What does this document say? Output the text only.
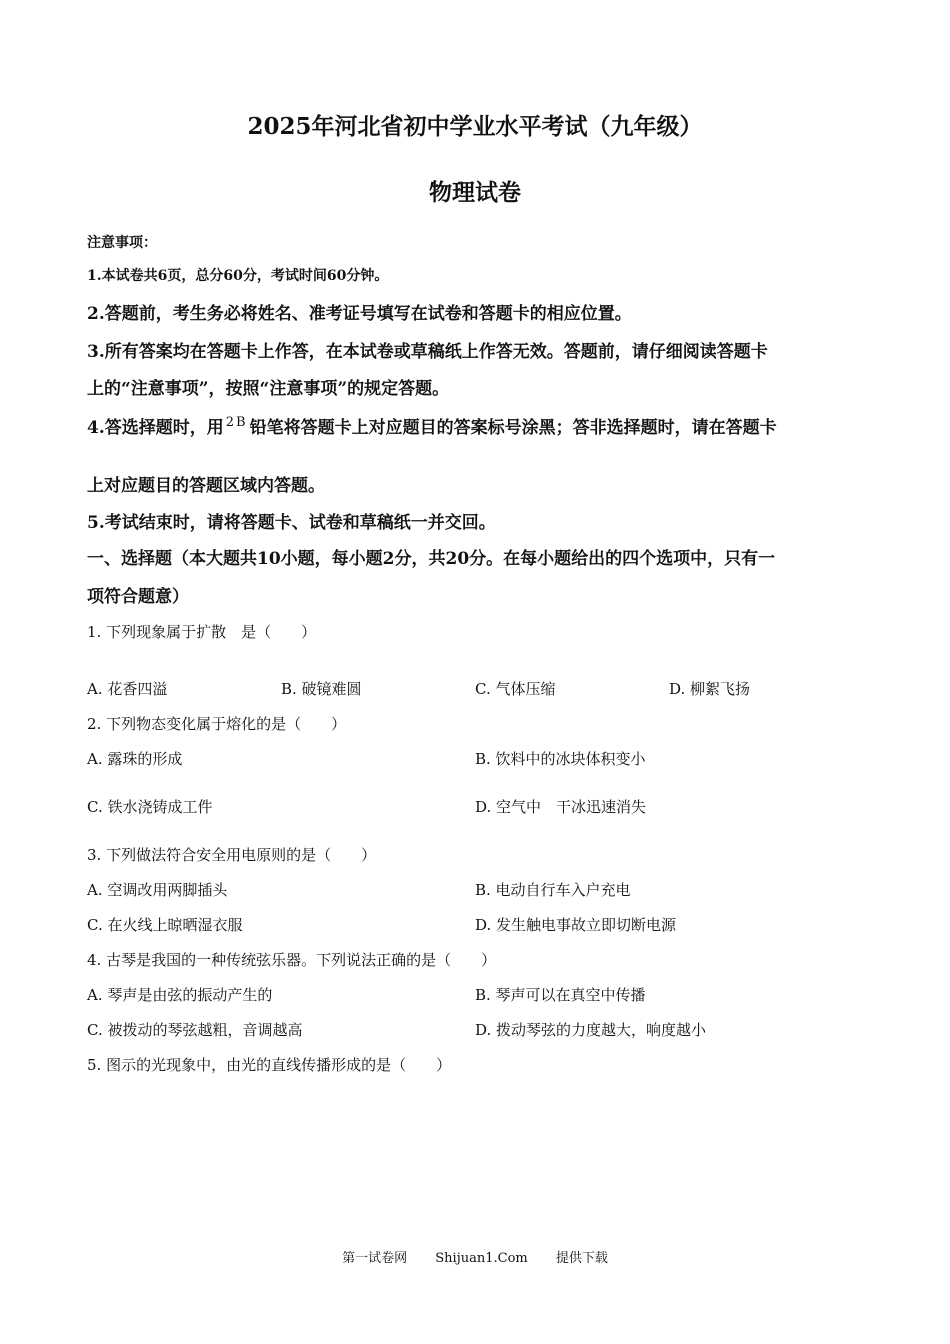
2025年河北省初中学业水平考试（九年级）
物理试卷
注意事项：
1.本试卷共6页，总分60分，考试时间60分钟。
2.答题前，考生务必将姓名、准考证号填写在试卷和答题卡的相应位置。
3.所有答案均在答题卡上作答，在本试卷或草稿纸上作答无效。答题前，请仔细阅读答题卡
上的“注意事项”，按照“注意事项”的规定答题。
4.答选择题时，用 $^{2B}$ 铅笔将答题卡上对应题目的答案标号涂黑；答非选择题时，请在答题卡
上对应题目的答题区域内答题。
5.考试结束时，请将答题卡、试卷和草稿纸一并交回。
一、选择题（本大题共10小题，每小题2分，共20分。在每小题给出的四个选项中，只有一
项符合题意）
1. 下列现象属于扩散　是（　　）
A. 花香四溢	B. 破镜难圆	C. 气体压缩	D. 柳絮飞扬
2. 下列物态变化属于熔化的是（　　）
A. 露珠的形成	B. 饮料中的冰块体积变小
C. 铁水浇铸成工件	D. 空气中　干冰迅速消失
3. 下列做法符合安全用电原则的是（　　）
A. 空调改用两脚插头	B. 电动自行车入户充电
C. 在火线上晾晒湿衣服	D. 发生触电事故立即切断电源
4. 古琴是我国的一种传统弦乐器。下列说法正确的是（　　）
A. 琴声是由弦的振动产生的	B. 琴声可以在真空中传播
C. 被拨动的琴弦越粗，音调越高	D. 拨动琴弦的力度越大，响度越小
5. 图示的光现象中，由光的直线传播形成的是（　　）
第一试卷网 Shijuan1.Com 提供下载
